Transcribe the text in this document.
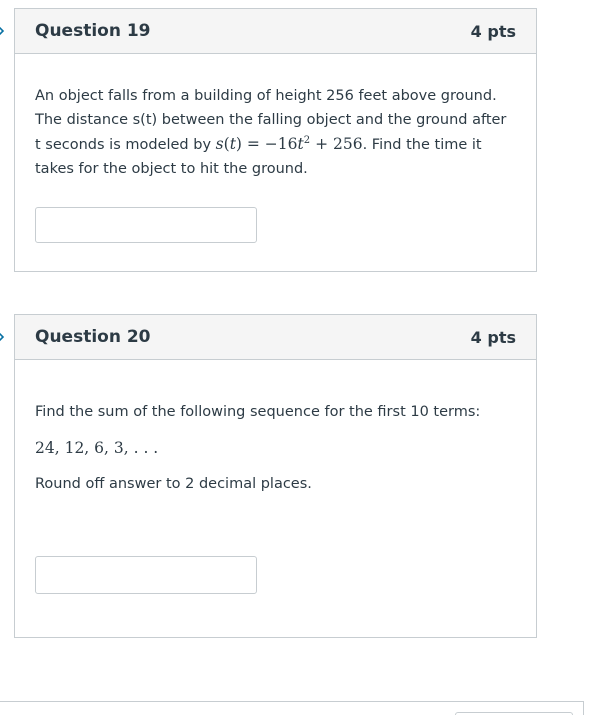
Question 19	4 pts

An object falls from a building of height 256 feet above ground. The distance s(t) between the falling object and the ground after t seconds is modeled by $s(t) = -16t^2 + 256$. Find the time it takes for the object to hit the ground.

Question 20	4 pts

Find the sum of the following sequence for the first 10 terms:

24, 12, 6, 3, . . .

Round off answer to 2 decimal places.
